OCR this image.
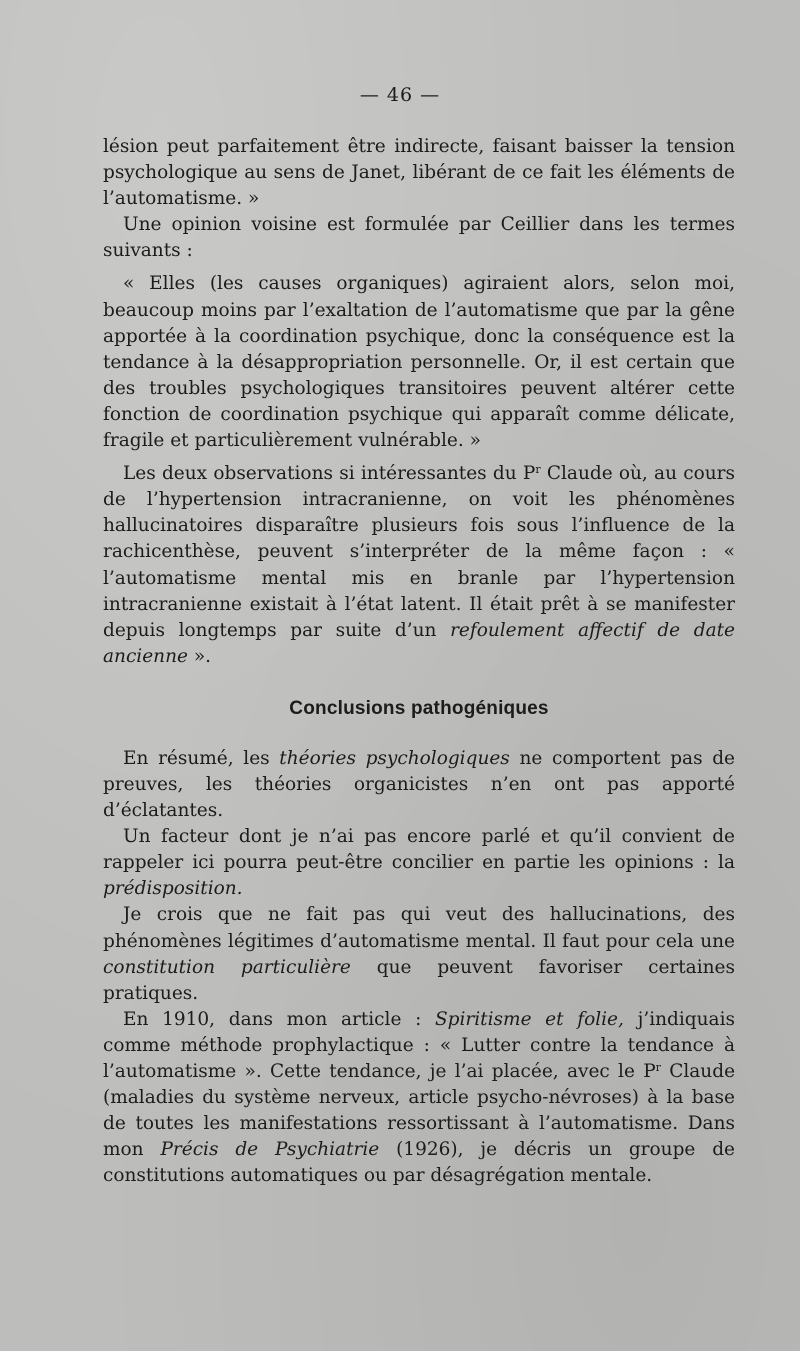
— 46 —

lésion peut parfaitement être indirecte, faisant baisser la tension psychologique au sens de Janet, libérant de ce fait les éléments de l’automatisme. »

Une opinion voisine est formulée par Ceillier dans les termes suivants :

« Elles (les causes organiques) agiraient alors, selon moi, beaucoup moins par l’exaltation de l’automatisme que par la gêne apportée à la coordination psychique, donc la conséquence est la tendance à la désappropriation personnelle. Or, il est certain que des troubles psychologiques transitoires peuvent altérer cette fonction de coordination psychique qui apparaît comme délicate, fragile et particulièrement vulnérable. »

Les deux observations si intéressantes du $P^r$ Claude où, au cours de l’hypertension intracranienne, on voit les phénomènes hallucinatoires disparaître plusieurs fois sous l’influence de la rachicenthèse, peuvent s’interpréter de la même façon : « l’automatisme mental mis en branle par l’hypertension intracranienne existait à l’état latent. Il était prêt à se manifester depuis longtemps par suite d’un refoulement affectif de date ancienne ».

Conclusions pathogéniques

En résumé, les théories psychologiques ne comportent pas de preuves, les théories organicistes n’en ont pas apporté d’éclatantes.

Un facteur dont je n’ai pas encore parlé et qu’il convient de rappeler ici pourra peut-être concilier en partie les opinions : la prédisposition.

Je crois que ne fait pas qui veut des hallucinations, des phénomènes légitimes d’automatisme mental. Il faut pour cela une constitution particulière que peuvent favoriser certaines pratiques.

En 1910, dans mon article : Spiritisme et folie, j’indiquais comme méthode prophylactique : « Lutter contre la tendance à l’automatisme ». Cette tendance, je l’ai placée, avec le $P^r$ Claude (maladies du système nerveux, article psycho-névroses) à la base de toutes les manifestations ressortissant à l’automatisme. Dans mon Précis de Psychiatrie (1926), je décris un groupe de constitutions automatiques ou par désagrégation mentale.
